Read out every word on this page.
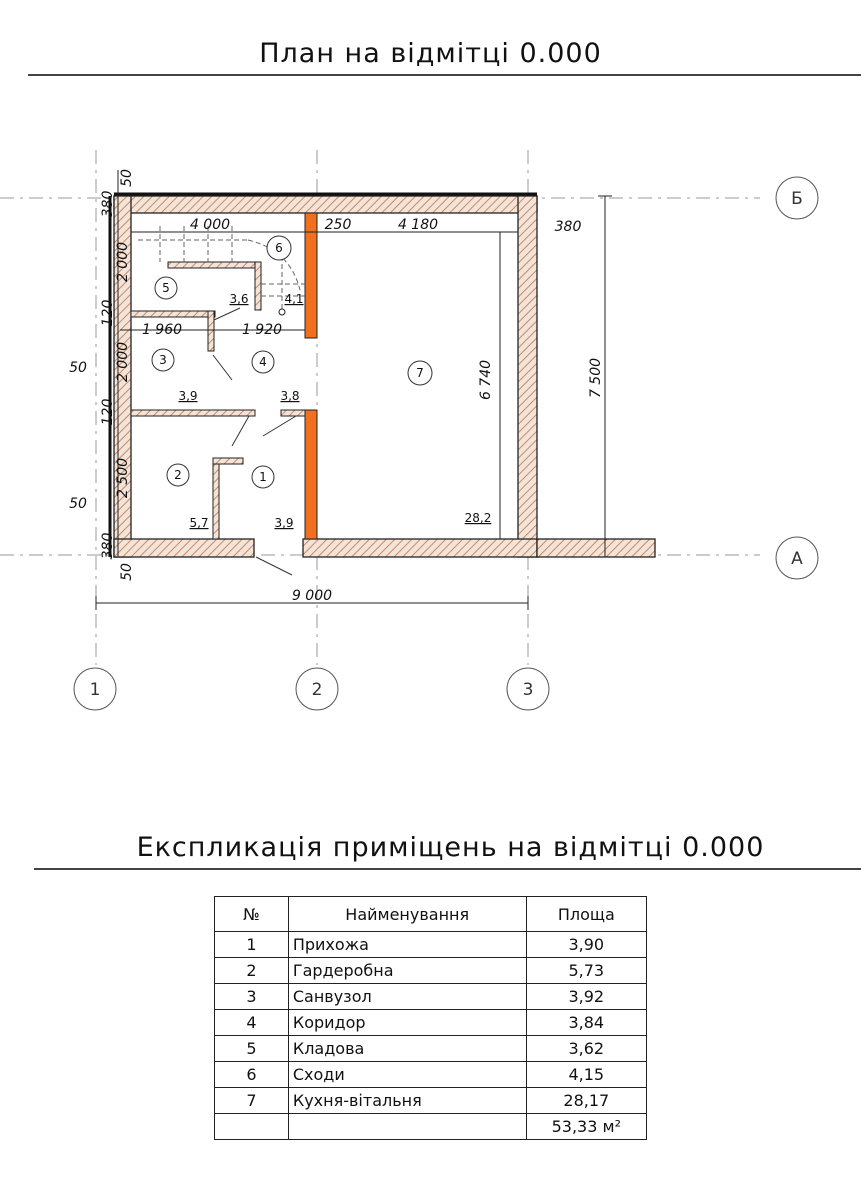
План на відмітці 0.000
9 000
7 500
4 000	250	4 180	380
6 740
1 960	1 920
380
50
2 000
120
2 000
120
2 500
380
50
50
50
3,9
5,7
3,9	3,8
3,6	4,1
28,2
1
2
3	4
5
6
7
Б
А
1	2	3
Експликація приміщень на відмітці 0.000
№	Найменування	Площа
1	Прихожа	3,90
2	Гардеробна	5,73
3	Санвузол	3,92
4	Коридор	3,84
5	Кладова	3,62
6	Сходи	4,15
7	Кухня-вітальня	28,17
		53,33 м²
